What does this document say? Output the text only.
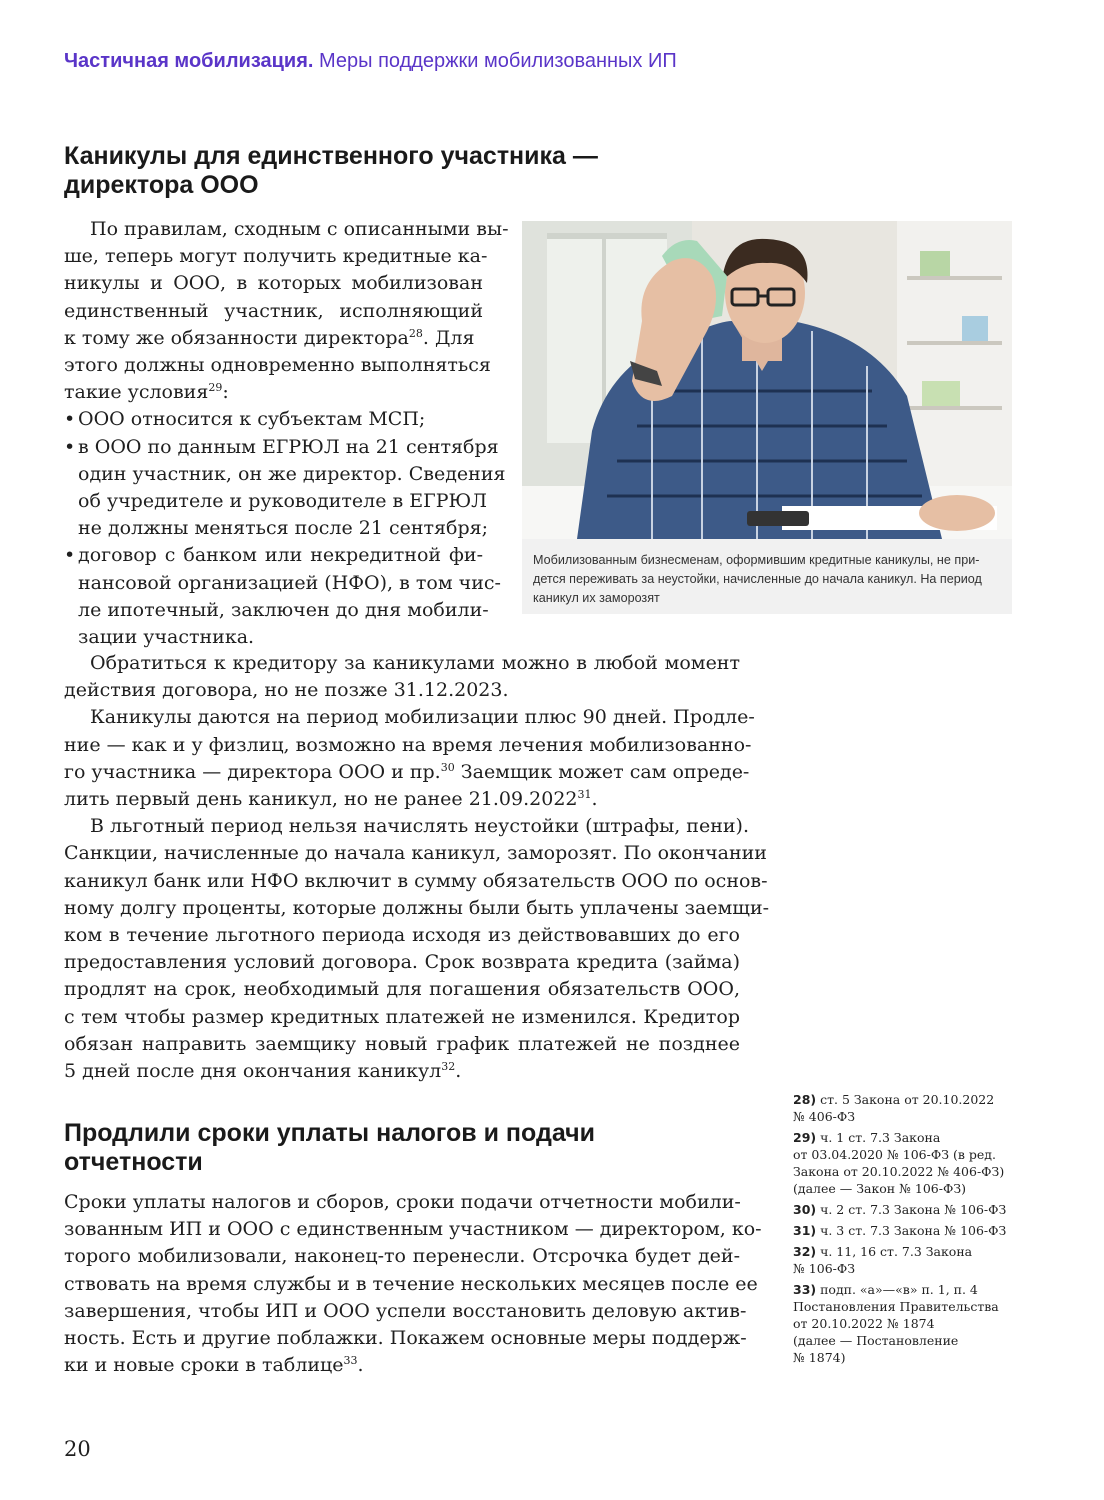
Частичная мобилизация. Меры поддержки мобилизованных ИП
Каникулы для единственного участника —
директора ООО
По правилам, сходным с описанными вы-
ше, теперь могут получить кредитные ка-
никулы и ООО, в которых мобилизован
единственный участник, исполняющий
к тому же обязанности директора$^{28}$. Для
этого должны одновременно выполняться
такие условия$^{29}$:
• ООО относится к субъектам МСП;
• в ООО по данным ЕГРЮЛ на 21 сентября
один участник, он же директор. Сведения
об учредителе и руководителе в ЕГРЮЛ
не должны меняться после 21 сентября;
• договор с банком или некредитной фи-
нансовой организацией (НФО), в том чис-
ле ипотечный, заключен до дня мобили-
зации участника.
Мобилизованным бизнесменам, оформившим кредитные каникулы, не при-
дется переживать за неустойки, начисленные до начала каникул. На период
каникул их заморозят
Обратиться к кредитору за каникулами можно в любой момент
действия договора, но не позже 31.12.2023.
Каникулы даются на период мобилизации плюс 90 дней. Продле-
ние — как и у физлиц, возможно на время лечения мобилизованно-
го участника — директора ООО и пр.$^{30}$ Заемщик может сам опреде-
лить первый день каникул, но не ранее 21.09.2022$^{31}$.
В льготный период нельзя начислять неустойки (штрафы, пени).
Санкции, начисленные до начала каникул, заморозят. По окончании
каникул банк или НФО включит в сумму обязательств ООО по основ-
ному долгу проценты, которые должны были быть уплачены заемщи-
ком в течение льготного периода исходя из действовавших до его
предоставления условий договора. Срок возврата кредита (займа)
продлят на срок, необходимый для погашения обязательств ООО,
с тем чтобы размер кредитных платежей не изменился. Кредитор
обязан направить заемщику новый график платежей не позднее
5 дней после дня окончания каникул$^{32}$.
Продлили сроки уплаты налогов и подачи
отчетности
Сроки уплаты налогов и сборов, сроки подачи отчетности мобили-
зованным ИП и ООО с единственным участником — директором, ко-
торого мобилизовали, наконец-то перенесли. Отсрочка будет дей-
ствовать на время службы и в течение нескольких месяцев после ее
завершения, чтобы ИП и ООО успели восстановить деловую актив-
ность. Есть и другие поблажки. Покажем основные меры поддерж-
ки и новые сроки в таблице$^{33}$.
28) ст. 5 Закона от 20.10.2022
№ 406-ФЗ
29) ч. 1 ст. 7.3 Закона
от 03.04.2020 № 106-ФЗ (в ред.
Закона от 20.10.2022 № 406-ФЗ)
(далее — Закон № 106-ФЗ)
30) ч. 2 ст. 7.3 Закона № 106-ФЗ
31) ч. 3 ст. 7.3 Закона № 106-ФЗ
32) ч. 11, 16 ст. 7.3 Закона
№ 106-ФЗ
33) подп. «а»—«в» п. 1, п. 4
Постановления Правительства
от 20.10.2022 № 1874
(далее — Постановление
№ 1874)
20
